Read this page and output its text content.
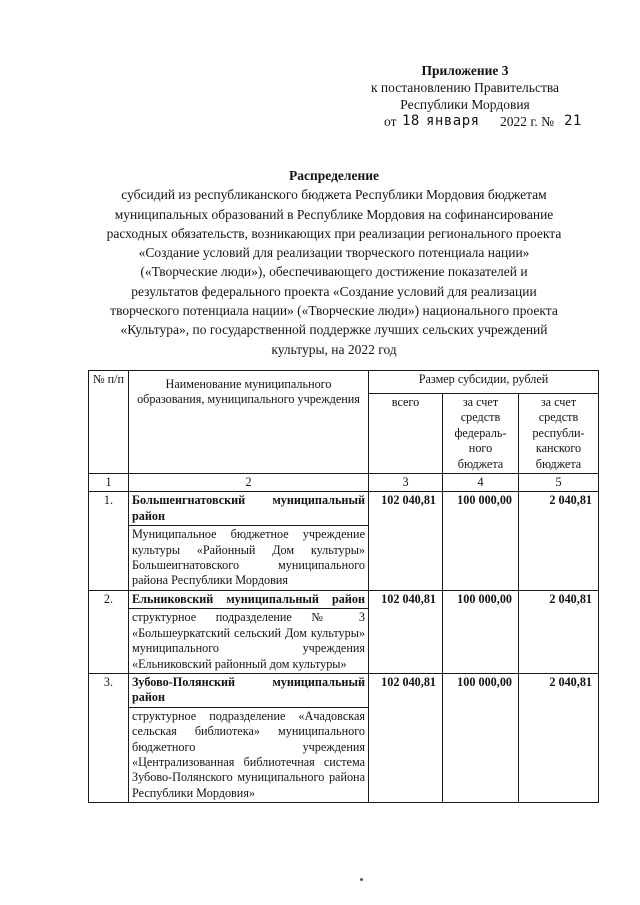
Приложение 3
к постановлению Правительства
Республики Мордовия
от 18 января 2022 г. № 21
Распределение
субсидий из республиканского бюджета Республики Мордовия бюджетам
муниципальных образований в Республике Мордовия на софинансирование
расходных обязательств, возникающих при реализации регионального проекта
«Создание условий для реализации творческого потенциала нации»
(«Творческие люди»), обеспечивающего достижение показателей и
результатов федерального проекта «Создание условий для реализации
творческого потенциала нации» («Творческие люди») национального проекта
«Культура», по государственной поддержке лучших сельских учреждений
культуры, на 2022 год
№ п/п	Наименование муниципального образования, муниципального учреждения	Размер субсидии, рублей		
		всего	за счет средств федераль-ного бюджета	за счет средств республи-канского бюджета
1	2	3	4	5
1.	Большеигнатовский муниципальный район	102 040,81	100 000,00	2 040,81
	Муниципальное бюджетное учреждение культуры «Районный Дом культуры» Большеигнатовского муниципального района Республики Мордовия			
2.	Ельниковский муниципальный район	102 040,81	100 000,00	2 040,81
	структурное подразделение № 3 «Большеуркатский сельский Дом культуры» муниципального учреждения «Ельниковский районный дом культуры»			
3.	Зубово-Полянский муниципальный район	102 040,81	100 000,00	2 040,81
	структурное подразделение «Ачадовская сельская библиотека» муниципального бюджетного учреждения «Централизованная библиотечная система Зубово-Полянского муниципального района Республики Мордовия»			
